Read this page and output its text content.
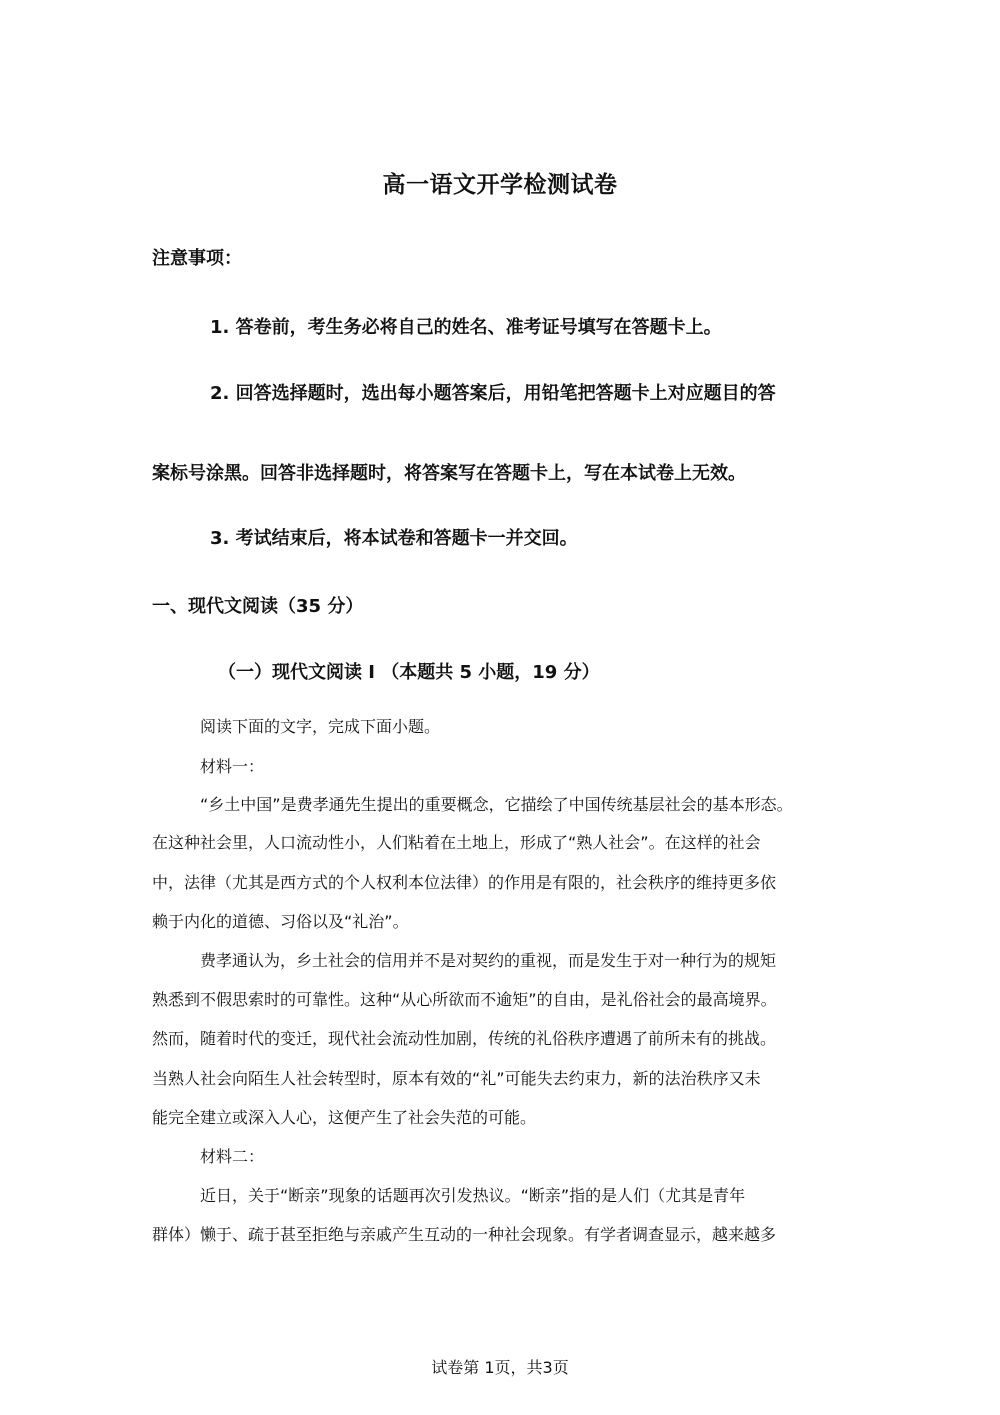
高一语文开学检测试卷
注意事项：
1. 答卷前，考生务必将自己的姓名、准考证号填写在答题卡上。
2. 回答选择题时，选出每小题答案后，用铅笔把答题卡上对应题目的答
案标号涂黑。回答非选择题时，将答案写在答题卡上，写在本试卷上无效。
3. 考试结束后，将本试卷和答题卡一并交回。
一、现代文阅读（35 分）
（一）现代文阅读 I （本题共 5 小题，19 分）
阅读下面的文字，完成下面小题。
材料一：
“乡土中国”是费孝通先生提出的重要概念，它描绘了中国传统基层社会的基本形态。
在这种社会里，人口流动性小，人们粘着在土地上，形成了“熟人社会”。在这样的社会
中，法律（尤其是西方式的个人权利本位法律）的作用是有限的，社会秩序的维持更多依
赖于内化的道德、习俗以及“礼治”。
费孝通认为，乡土社会的信用并不是对契约的重视，而是发生于对一种行为的规矩
熟悉到不假思索时的可靠性。这种“从心所欲而不逾矩”的自由，是礼俗社会的最高境界。
然而，随着时代的变迁，现代社会流动性加剧，传统的礼俗秩序遭遇了前所未有的挑战。
当熟人社会向陌生人社会转型时，原本有效的“礼”可能失去约束力，新的法治秩序又未
能完全建立或深入人心，这便产生了社会失范的可能。
材料二：
近日，关于“断亲”现象的话题再次引发热议。“断亲”指的是人们（尤其是青年
群体）懒于、疏于甚至拒绝与亲戚产生互动的一种社会现象。有学者调查显示，越来越多
试卷第 1页，共3页
